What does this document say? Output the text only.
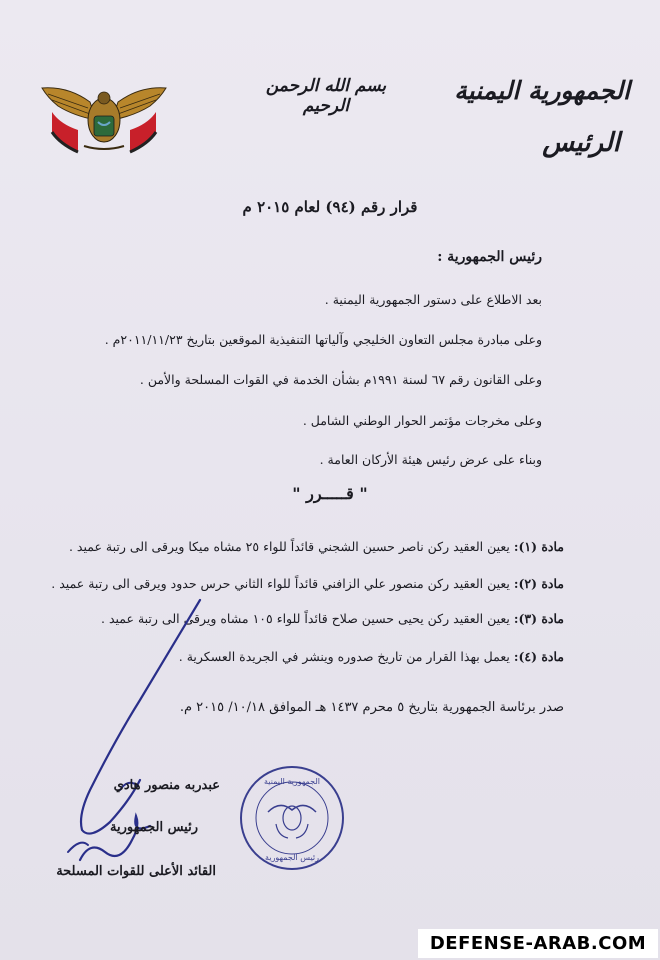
بسم الله الرحمن الرحيم
الجمهورية اليمنية
الرئيس
قرار رقم (٩٤) لعام ٢٠١٥ م
رئيس الجمهورية :
بعد الاطلاع على دستور الجمهورية اليمنية .
وعلى مبادرة مجلس التعاون الخليجي وآلياتها التنفيذية الموقعين بتاريخ ٢٠١١/١١/٢٣م .
وعلى القانون رقم ٦٧ لسنة ١٩٩١م بشأن الخدمة في القوات المسلحة والأمن .
وعلى مخرجات مؤتمر الحوار الوطني الشامل .
وبناء على عرض رئيس هيئة الأركان العامة .
" قـــــرر "
مادة (١): يعين العقيد ركن ناصر حسين الشجني قائداً للواء ٢٥ مشاه ميكا ويرقى الى رتبة عميد .
مادة (٢): يعين العقيد ركن منصور علي الزافني قائداً للواء الثاني حرس حدود ويرقى الى رتبة عميد .
مادة (٣): يعين العقيد ركن يحيى حسين صلاح قائداً للواء ١٠٥ مشاه ويرقى الى رتبة عميد .
مادة (٤): يعمل بهذا القرار من تاريخ صدوره وينشر في الجريدة العسكرية .
صدر برئاسة الجمهورية بتاريخ ٥ محرم ١٤٣٧ هـ الموافق ١٠/١٨/ ٢٠١٥ م.
عبدربه منصور هادي
رئيس الجمهورية
القائد الأعلى للقوات المسلحة
الجمهورية اليمنية
رئيس الجمهورية
DEFENSE-ARAB.COM
